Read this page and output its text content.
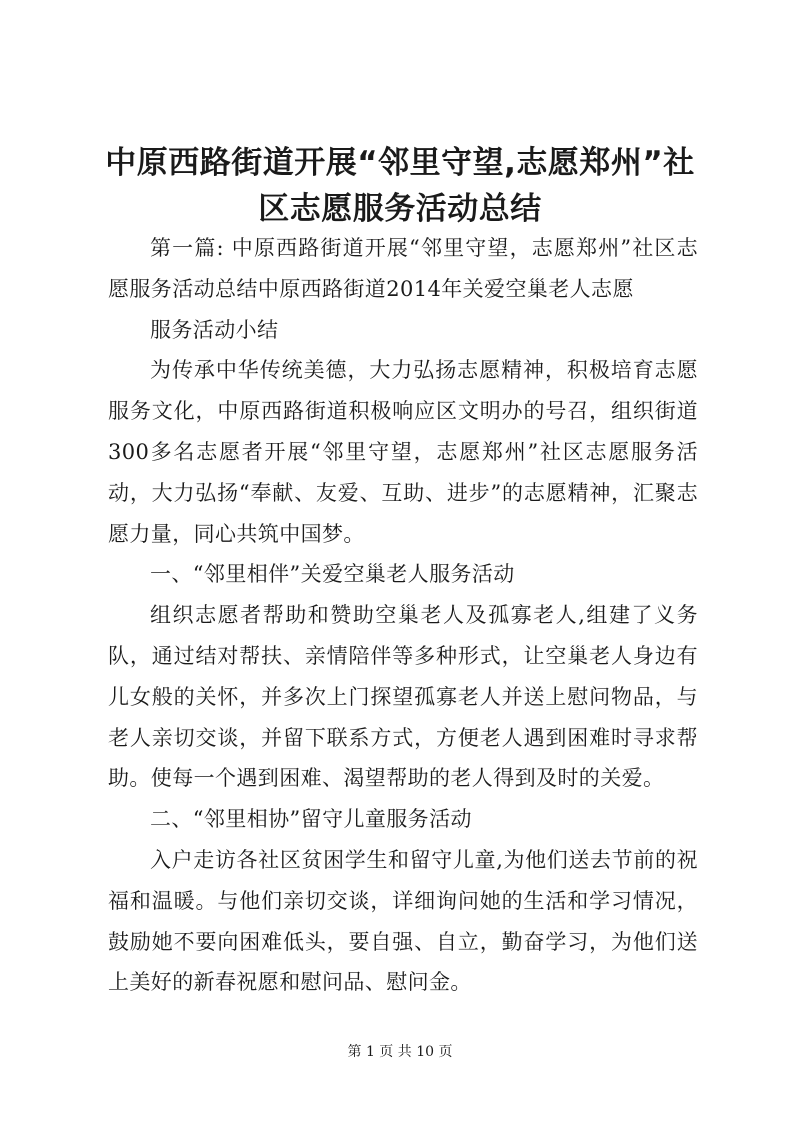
中原西路街道开展“邻里守望,志愿郑州”社
区志愿服务活动总结

第一篇: 中原西路街道开展“邻里守望，志愿郑州”社区志愿服务活动总结中原西路街道2014年关爱空巢老人志愿

服务活动小结

为传承中华传统美德，大力弘扬志愿精神，积极培育志愿服务文化，中原西路街道积极响应区文明办的号召，组织街道300多名志愿者开展“邻里守望，志愿郑州”社区志愿服务活动，大力弘扬“奉献、友爱、互助、进步”的志愿精神，汇聚志愿力量，同心共筑中国梦。

一、“邻里相伴”关爱空巢老人服务活动

组织志愿者帮助和赞助空巢老人及孤寡老人,组建了义务队，通过结对帮扶、亲情陪伴等多种形式，让空巢老人身边有儿女般的关怀，并多次上门探望孤寡老人并送上慰问物品，与老人亲切交谈，并留下联系方式，方便老人遇到困难时寻求帮助。使每一个遇到困难、渴望帮助的老人得到及时的关爱。

二、“邻里相协”留守儿童服务活动

入户走访各社区贫困学生和留守儿童,为他们送去节前的祝福和温暖。与他们亲切交谈，详细询问她的生活和学习情况，鼓励她不要向困难低头，要自强、自立，勤奋学习，为他们送上美好的新春祝愿和慰问品、慰问金。

第 1 页 共 10 页
